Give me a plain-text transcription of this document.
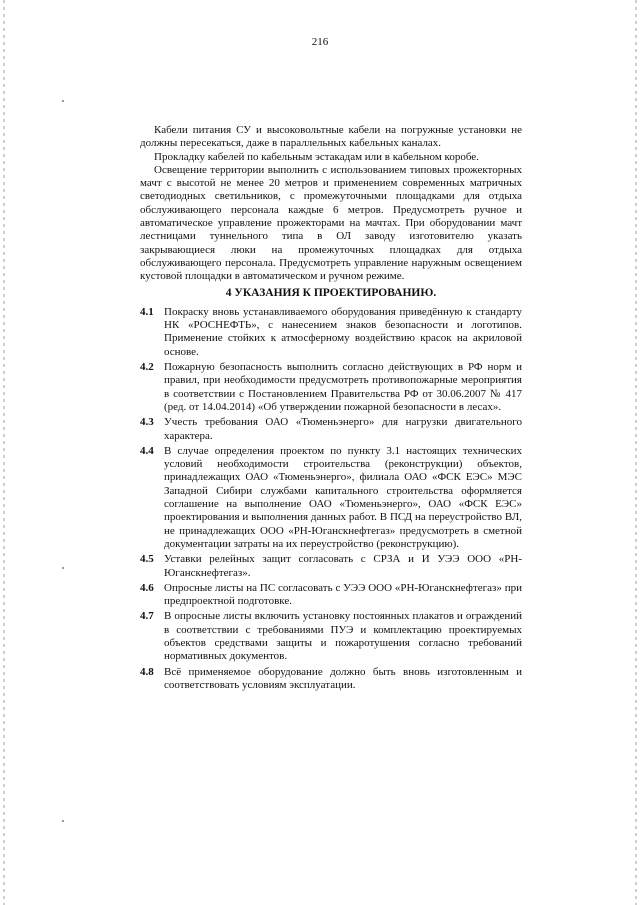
216

Кабели питания СУ и высоковольтные кабели на погружные установки не должны пересекаться, даже в параллельных кабельных каналах.

Прокладку кабелей по кабельным эстакадам или в кабельном коробе.

Освещение территории выполнить с использованием типовых прожекторных мачт с высотой не менее 20 метров и применением современных матричных светодиодных светильников, с промежуточными площадками для отдыха обслуживающего персонала каждые 6 метров. Предусмотреть ручное и автоматическое управление прожекторами на мачтах. При оборудовании мачт лестницами туннельного типа в ОЛ заводу изготовителю указать закрывающиеся люки на промежуточных площадках для отдыха обслуживающего персонала. Предусмотреть управление наружным освещением кустовой площадки в автоматическом и ручном режиме.

4 УКАЗАНИЯ К ПРОЕКТИРОВАНИЮ.
4.1 Покраску вновь устанавливаемого оборудования приведённую к стандарту НК «РОСНЕФТЬ», с нанесением знаков безопасности и логотипов. Применение стойких к атмосферному воздействию красок на акриловой основе.
4.2 Пожарную безопасность выполнить согласно действующих в РФ норм и правил, при необходимости предусмотреть противопожарные мероприятия в соответствии с Постановлением Правительства РФ от 30.06.2007 № 417 (ред. от 14.04.2014) «Об утверждении пожарной безопасности в лесах».
4.3 Учесть требования ОАО «Тюменьэнерго» для нагрузки двигательного характера.
4.4 В случае определения проектом по пункту 3.1 настоящих технических условий необходимости строительства (реконструкции) объектов, принадлежащих ОАО «Тюменьэнерго», филиала ОАО «ФСК ЕЭС» МЭС Западной Сибири службами капитального строительства оформляется соглашение на выполнение ОАО «Тюменьэнерго», ОАО «ФСК ЕЭС» проектирования и выполнения данных работ. В ПСД на переустройство ВЛ, не принадлежащих ООО «РН-Юганскнефтегаз» предусмотреть в сметной документации затраты на их переустройство (реконструкцию).
4.5 Уставки релейных защит согласовать с СРЗА и И УЭЭ ООО «РН-Юганскнефтегаз».
4.6 Опросные листы на ПС согласовать с УЭЭ ООО «РН-Юганскнефтегаз» при предпроектной подготовке.
4.7 В опросные листы включить установку постоянных плакатов и ограждений в соответствии с требованиями ПУЭ и комплектацию проектируемых объектов средствами защиты и пожаротушения согласно требований нормативных документов.
4.8 Всё применяемое оборудование должно быть вновь изготовленным и соответствовать условиям эксплуатации.
